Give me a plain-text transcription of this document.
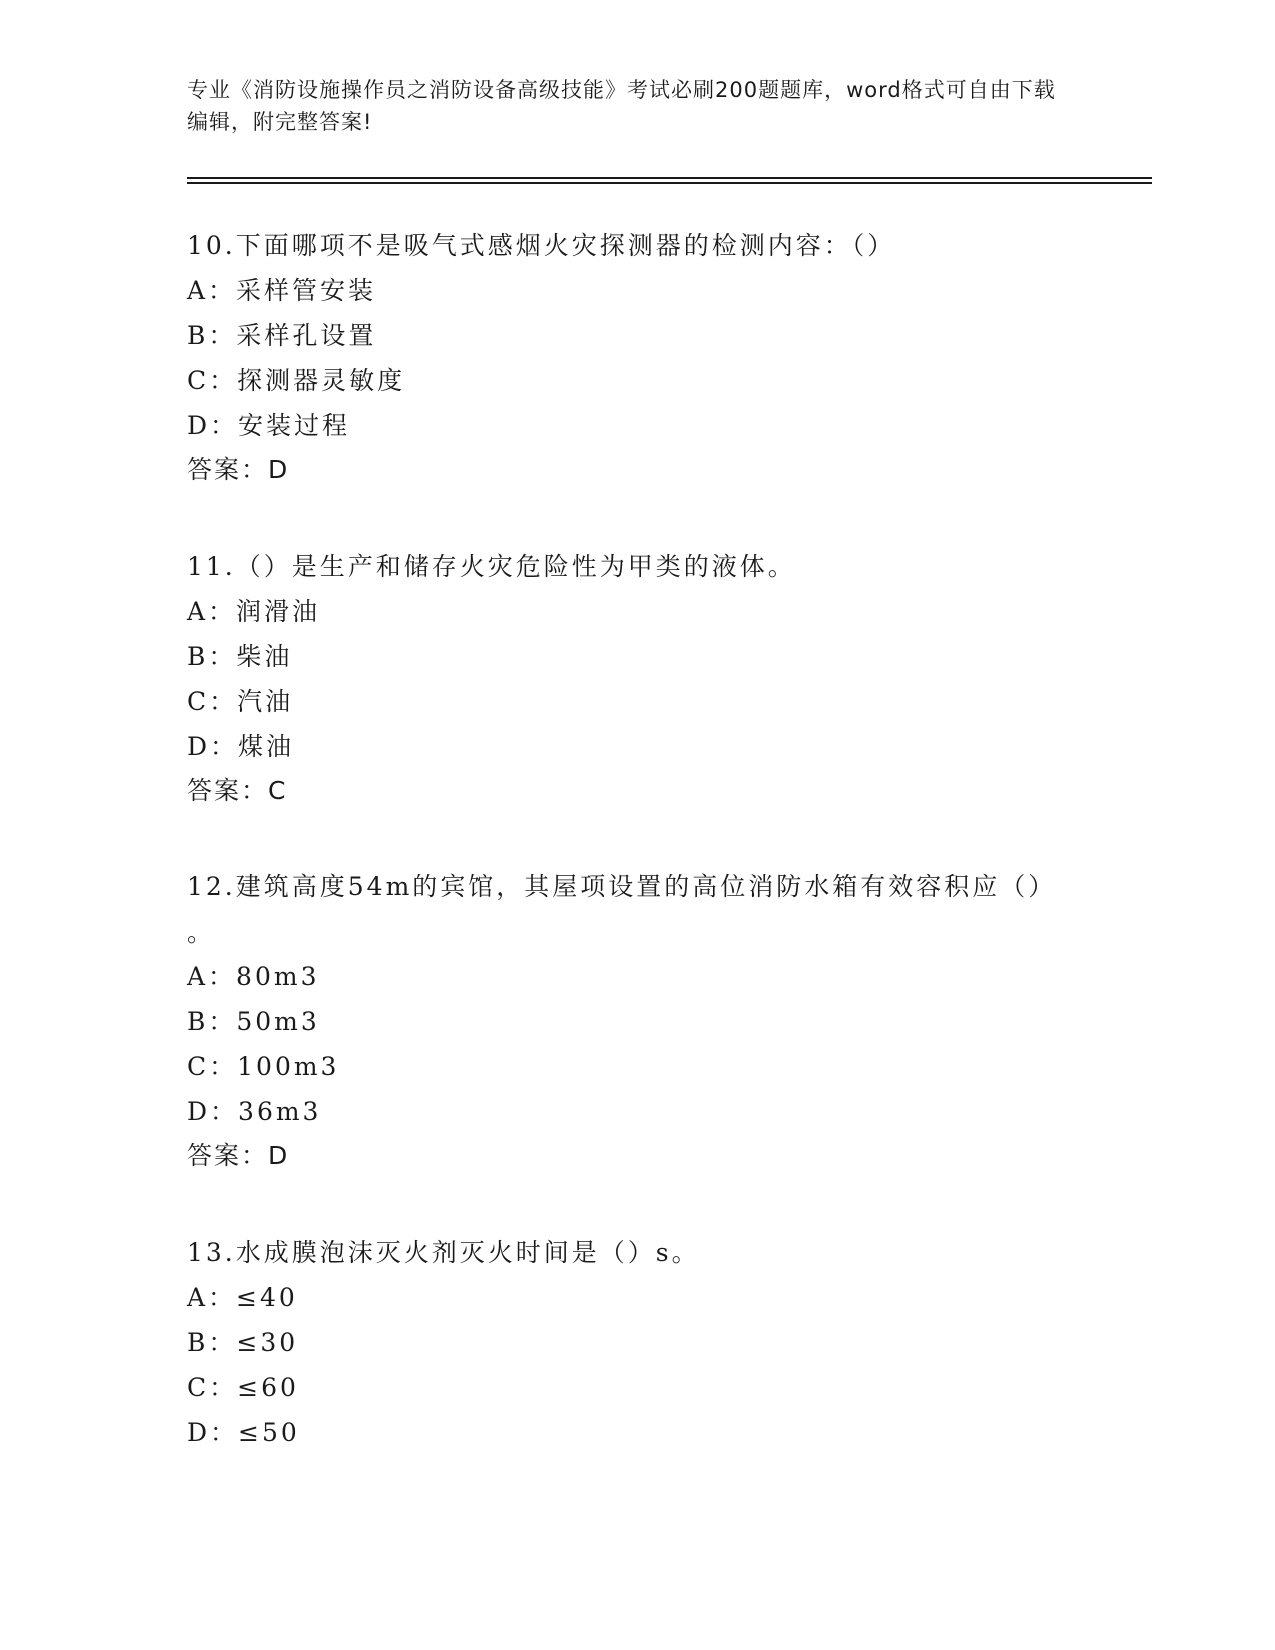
专业《消防设施操作员之消防设备高级技能》考试必刷200题题库，word格式可自由下载编辑，附完整答案!
10.下面哪项不是吸气式感烟火灾探测器的检测内容：（）
A：采样管安装
B：采样孔设置
C：探测器灵敏度
D：安装过程
答案：D
11.（）是生产和储存火灾危险性为甲类的液体。
A：润滑油
B：柴油
C：汽油
D：煤油
答案：C
12.建筑高度54m的宾馆，其屋项设置的高位消防水箱有效容积应（）
。
A：80m3
B：50m3
C：100m3
D：36m3
答案：D
13.水成膜泡沫灭火剂灭火时间是（）s。
A：≤40
B：≤30
C：≤60
D：≤50
